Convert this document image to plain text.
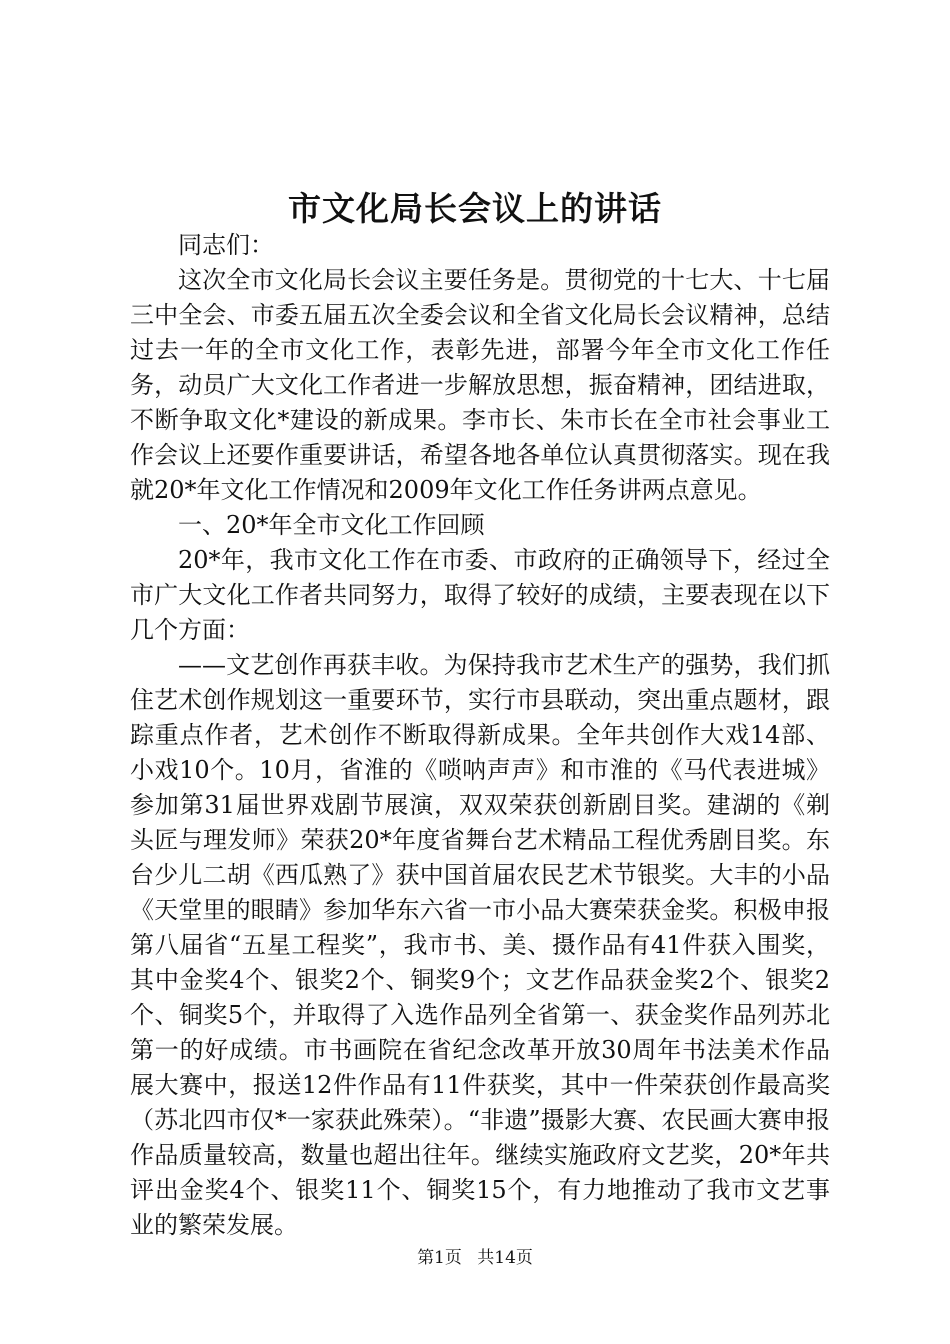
市文化局长会议上的讲话

同志们：

这次全市文化局长会议主要任务是。贯彻党的十七大、十七届三中全会、市委五届五次全委会议和全省文化局长会议精神，总结过去一年的全市文化工作，表彰先进，部署今年全市文化工作任务，动员广大文化工作者进一步解放思想，振奋精神，团结进取，不断争取文化*建设的新成果。李市长、朱市长在全市社会事业工作会议上还要作重要讲话，希望各地各单位认真贯彻落实。现在我就20*年文化工作情况和2009年文化工作任务讲两点意见。

一、20*年全市文化工作回顾

20*年，我市文化工作在市委、市政府的正确领导下，经过全市广大文化工作者共同努力，取得了较好的成绩，主要表现在以下几个方面：

——文艺创作再获丰收。为保持我市艺术生产的强势，我们抓住艺术创作规划这一重要环节，实行市县联动，突出重点题材，跟踪重点作者，艺术创作不断取得新成果。全年共创作大戏14部、小戏10个。10月，省淮的《唢呐声声》和市淮的《马代表进城》参加第31届世界戏剧节展演，双双荣获创新剧目奖。建湖的《剃头匠与理发师》荣获20*年度省舞台艺术精品工程优秀剧目奖。东台少儿二胡《西瓜熟了》获中国首届农民艺术节银奖。大丰的小品《天堂里的眼睛》参加华东六省一市小品大赛荣获金奖。积极申报第八届省“五星工程奖”，我市书、美、摄作品有41件获入围奖，其中金奖4个、银奖2个、铜奖9个；文艺作品获金奖2个、银奖2个、铜奖5个，并取得了入选作品列全省第一、获金奖作品列苏北第一的好成绩。市书画院在省纪念改革开放30周年书法美术作品展大赛中，报送12件作品有11件获奖，其中一件荣获创作最高奖（苏北四市仅*一家获此殊荣）。“非遗”摄影大赛、农民画大赛申报作品质量较高，数量也超出往年。继续实施政府文艺奖，20*年共评出金奖4个、银奖11个、铜奖15个，有力地推动了我市文艺事业的繁荣发展。

第1页 共14页
